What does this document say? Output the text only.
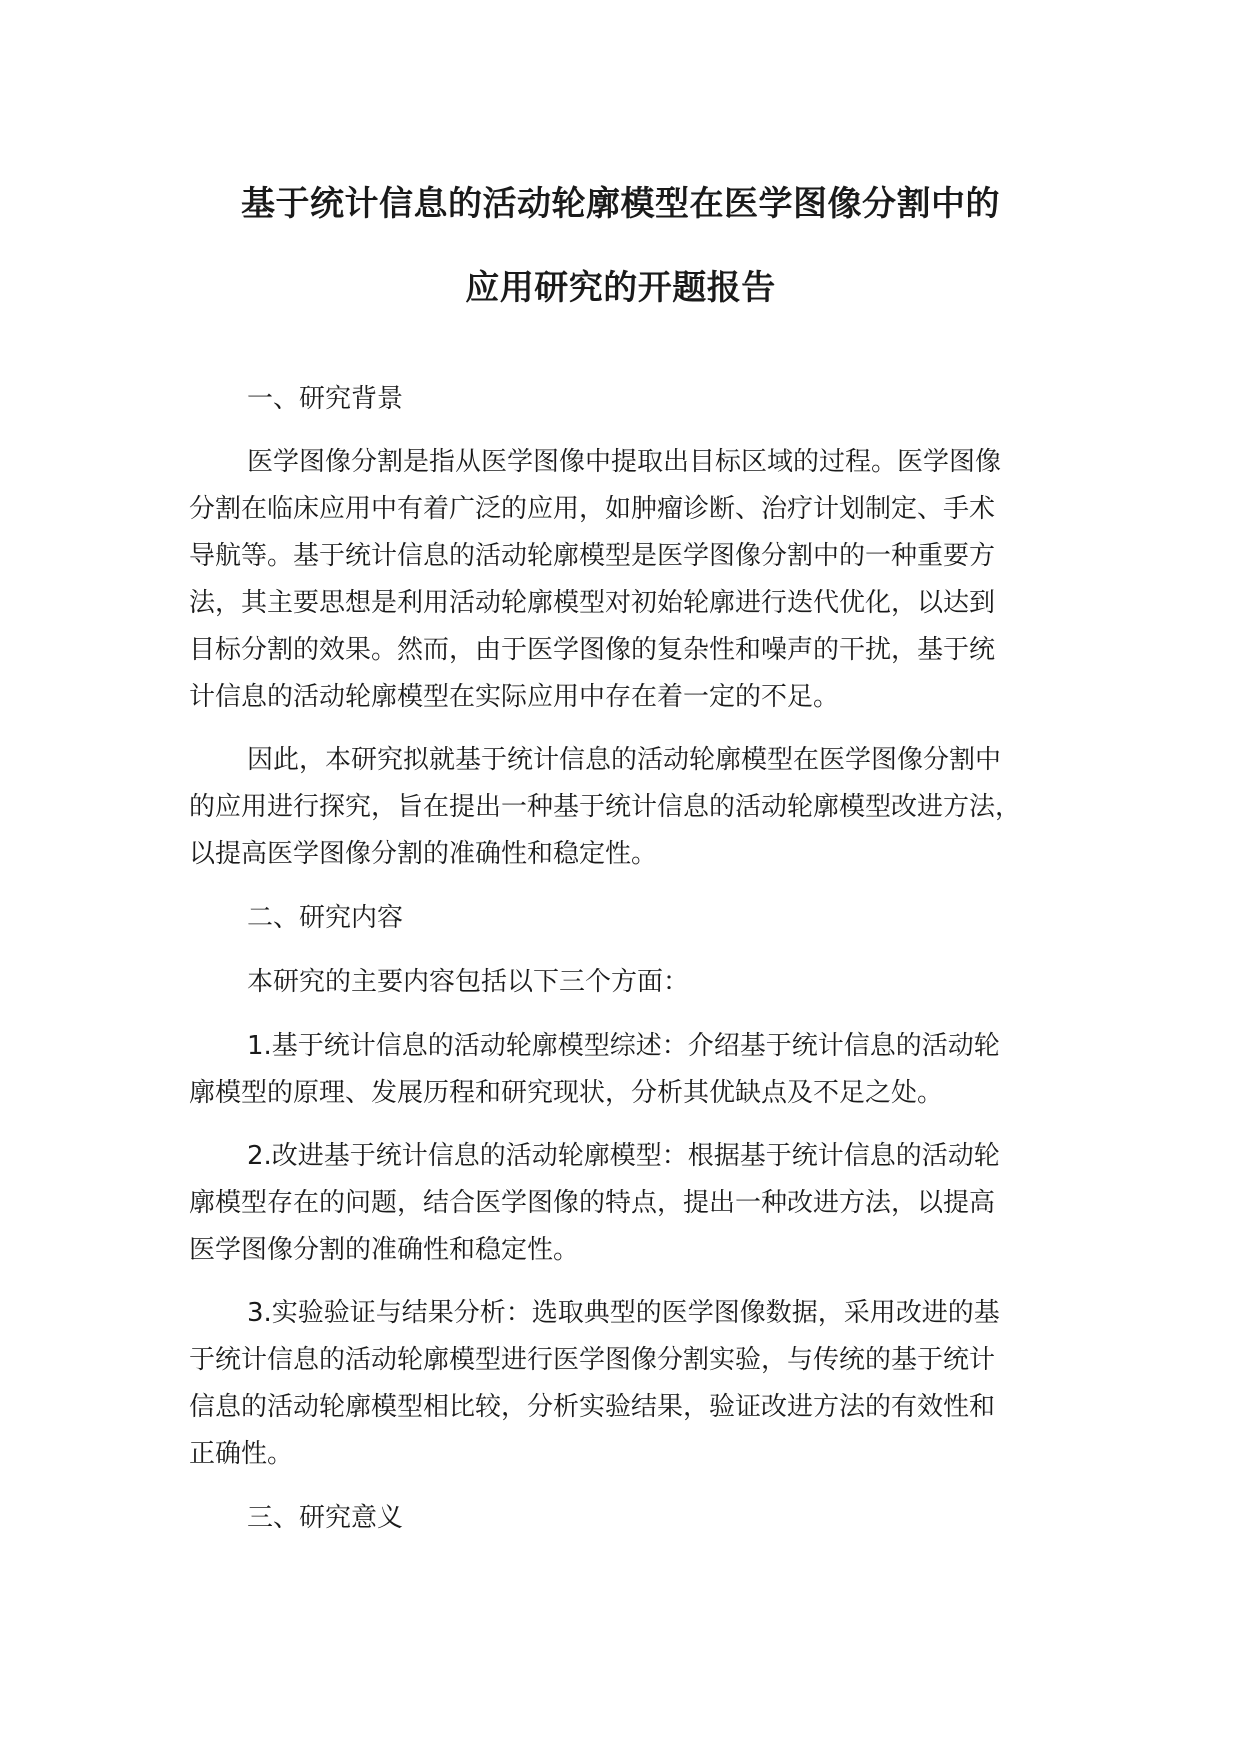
基于统计信息的活动轮廓模型在医学图像分割中的
应用研究的开题报告
一、研究背景
医学图像分割是指从医学图像中提取出目标区域的过程。医学图像
分割在临床应用中有着广泛的应用，如肿瘤诊断、治疗计划制定、手术
导航等。基于统计信息的活动轮廓模型是医学图像分割中的一种重要方
法，其主要思想是利用活动轮廓模型对初始轮廓进行迭代优化，以达到
目标分割的效果。然而，由于医学图像的复杂性和噪声的干扰，基于统
计信息的活动轮廓模型在实际应用中存在着一定的不足。
因此，本研究拟就基于统计信息的活动轮廓模型在医学图像分割中
的应用进行探究，旨在提出一种基于统计信息的活动轮廓模型改进方法，
以提高医学图像分割的准确性和稳定性。
二、研究内容
本研究的主要内容包括以下三个方面：
1.基于统计信息的活动轮廓模型综述：介绍基于统计信息的活动轮
廓模型的原理、发展历程和研究现状，分析其优缺点及不足之处。
2.改进基于统计信息的活动轮廓模型：根据基于统计信息的活动轮
廓模型存在的问题，结合医学图像的特点，提出一种改进方法，以提高
医学图像分割的准确性和稳定性。
3.实验验证与结果分析：选取典型的医学图像数据，采用改进的基
于统计信息的活动轮廓模型进行医学图像分割实验，与传统的基于统计
信息的活动轮廓模型相比较，分析实验结果，验证改进方法的有效性和
正确性。
三、研究意义
